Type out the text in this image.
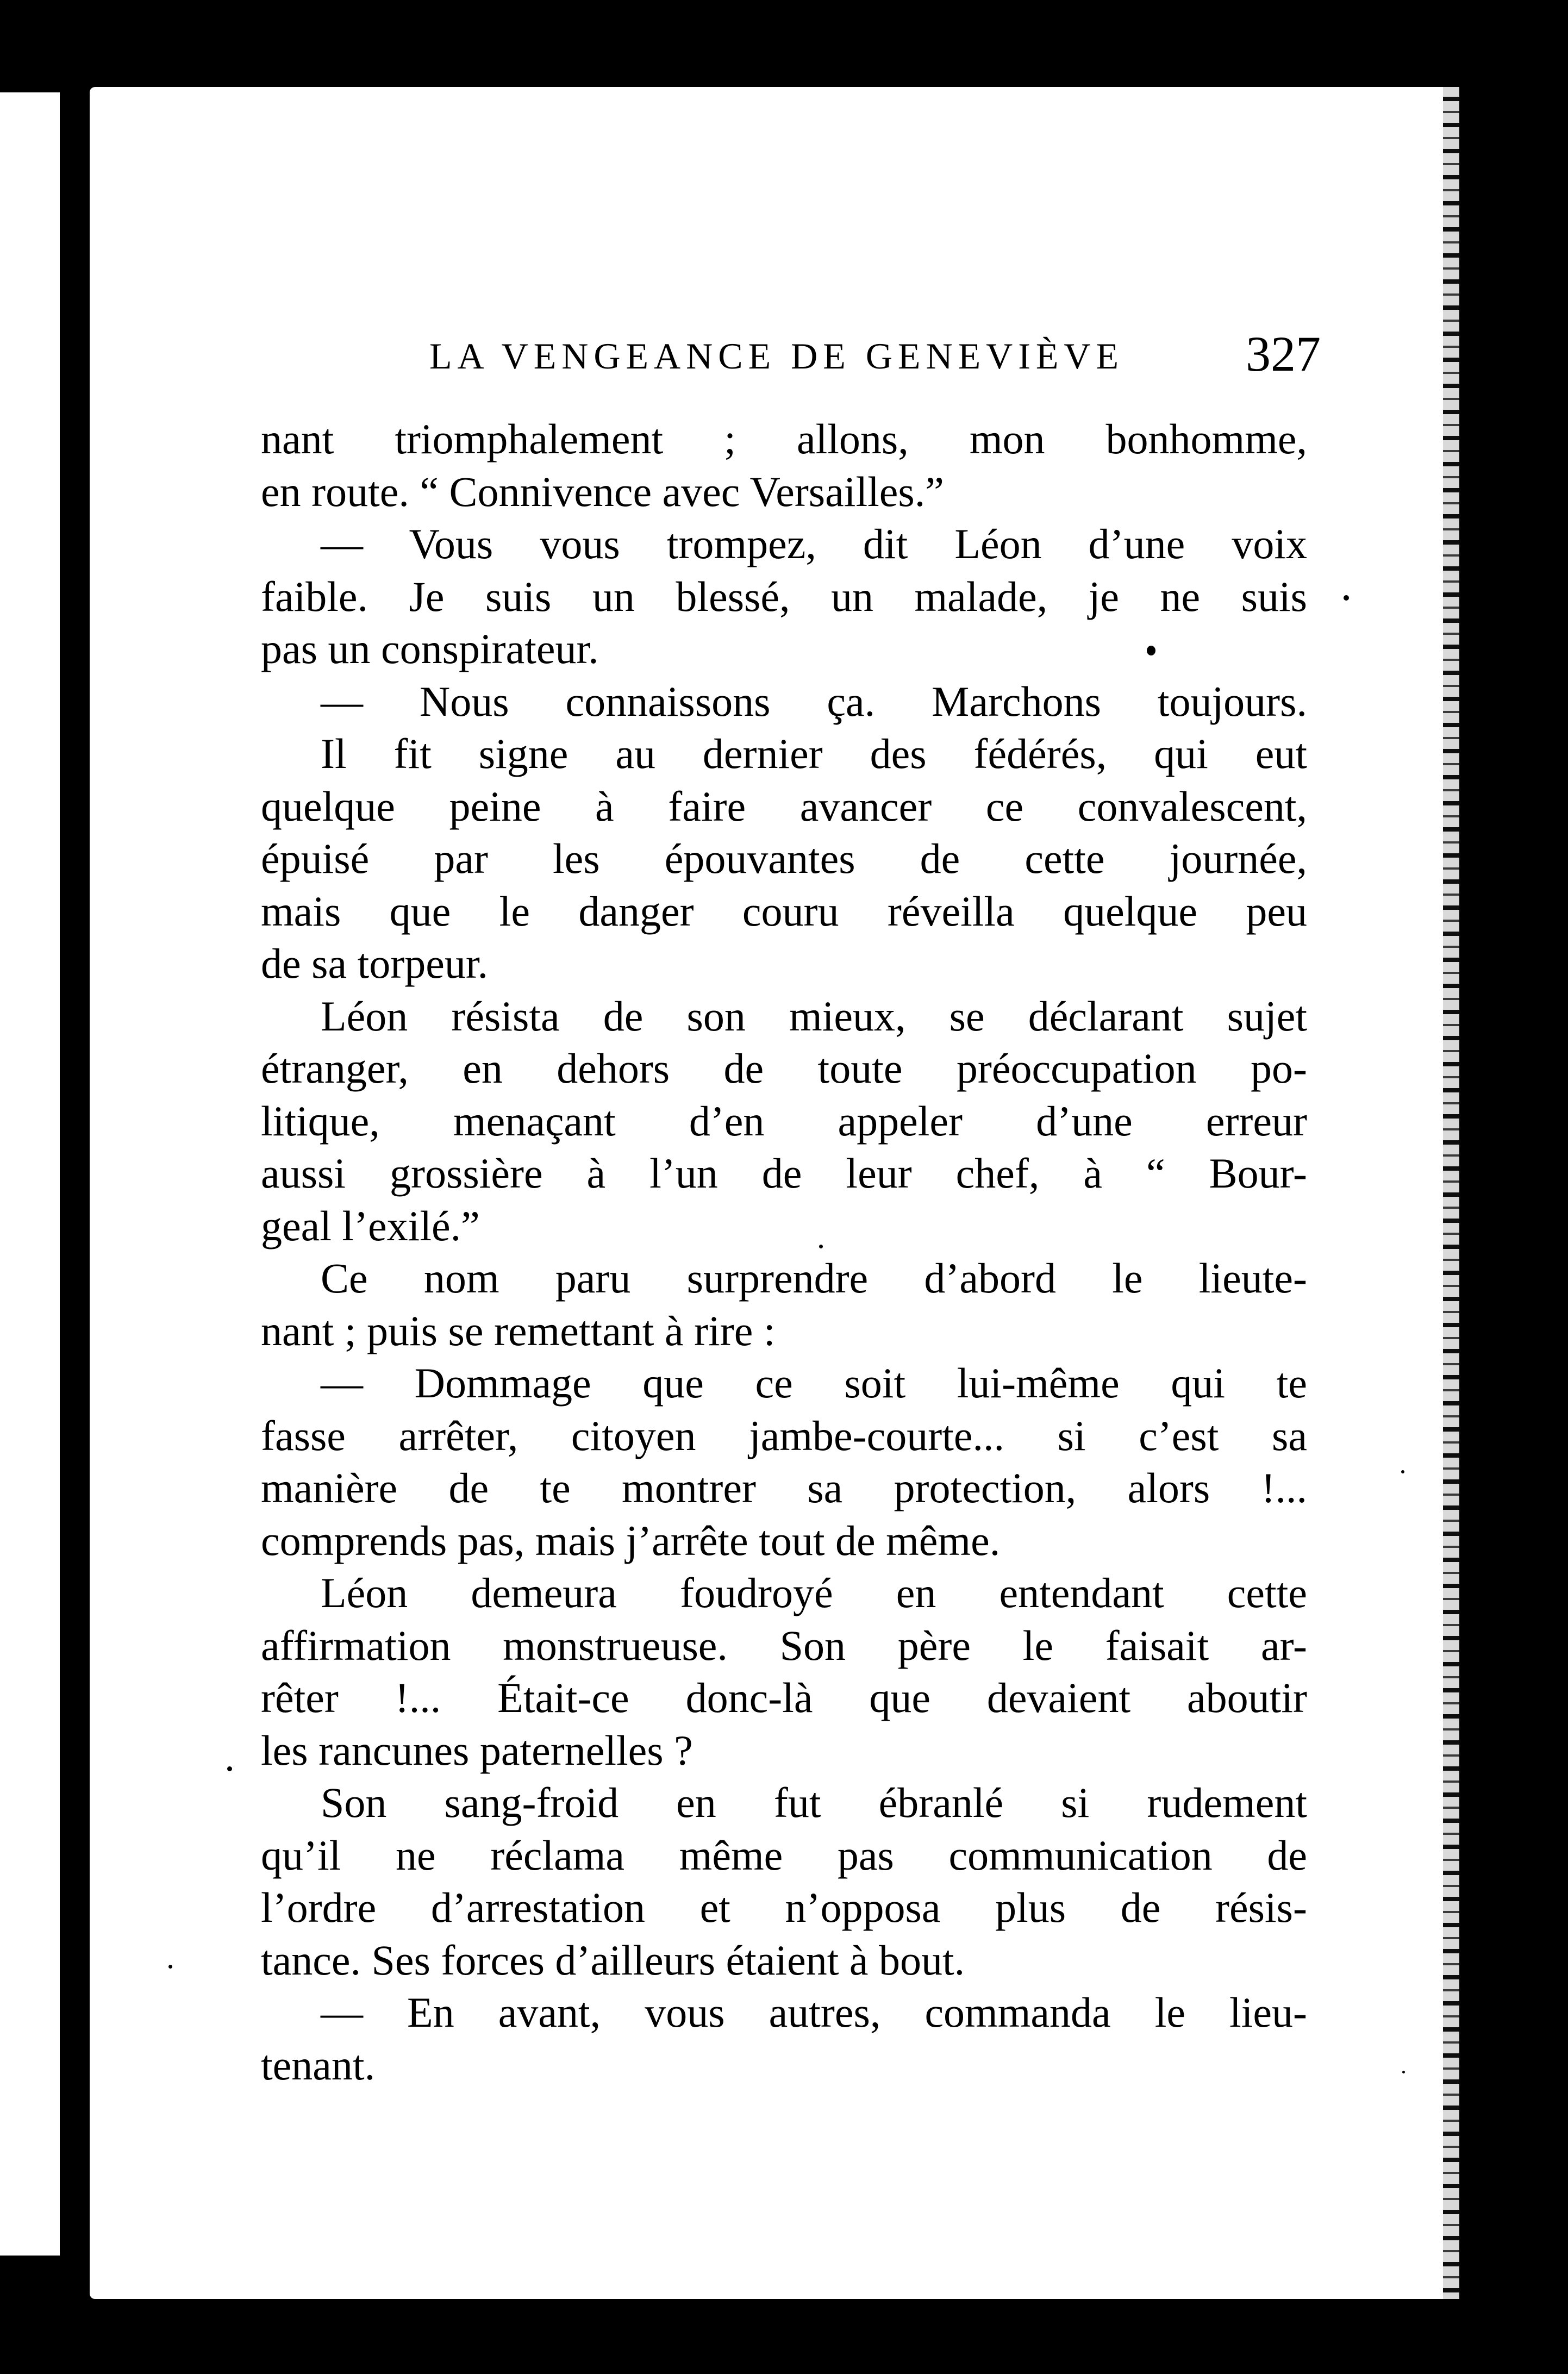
LA VENGEANCE DE GENEVIÈVE 327
nant triomphalement ; allons, mon bonhomme,
en route. “ Connivence avec Versailles.”
— Vous vous trompez, dit Léon d’une voix
faible. Je suis un blessé, un malade, je ne suis
pas un conspirateur.
— Nous connaissons ça. Marchons toujours.
Il fit signe au dernier des fédérés, qui eut
quelque peine à faire avancer ce convalescent,
épuisé par les épouvantes de cette journée,
mais que le danger couru réveilla quelque peu
de sa torpeur.
Léon résista de son mieux, se déclarant sujet
étranger, en dehors de toute préoccupation po-
litique, menaçant d’en appeler d’une erreur
aussi grossière à l’un de leur chef, à “ Bour-
geal l’exilé.”
Ce nom paru surprendre d’abord le lieute-
nant ; puis se remettant à rire :
— Dommage que ce soit lui-même qui te
fasse arrêter, citoyen jambe-courte... si c’est sa
manière de te montrer sa protection, alors !...
comprends pas, mais j’arrête tout de même.
Léon demeura foudroyé en entendant cette
affirmation monstrueuse. Son père le faisait ar-
rêter !... Était-ce donc-là que devaient aboutir
les rancunes paternelles ?
Son sang-froid en fut ébranlé si rudement
qu’il ne réclama même pas communication de
l’ordre d’arrestation et n’opposa plus de résis-
tance. Ses forces d’ailleurs étaient à bout.
— En avant, vous autres, commanda le lieu-
tenant.
